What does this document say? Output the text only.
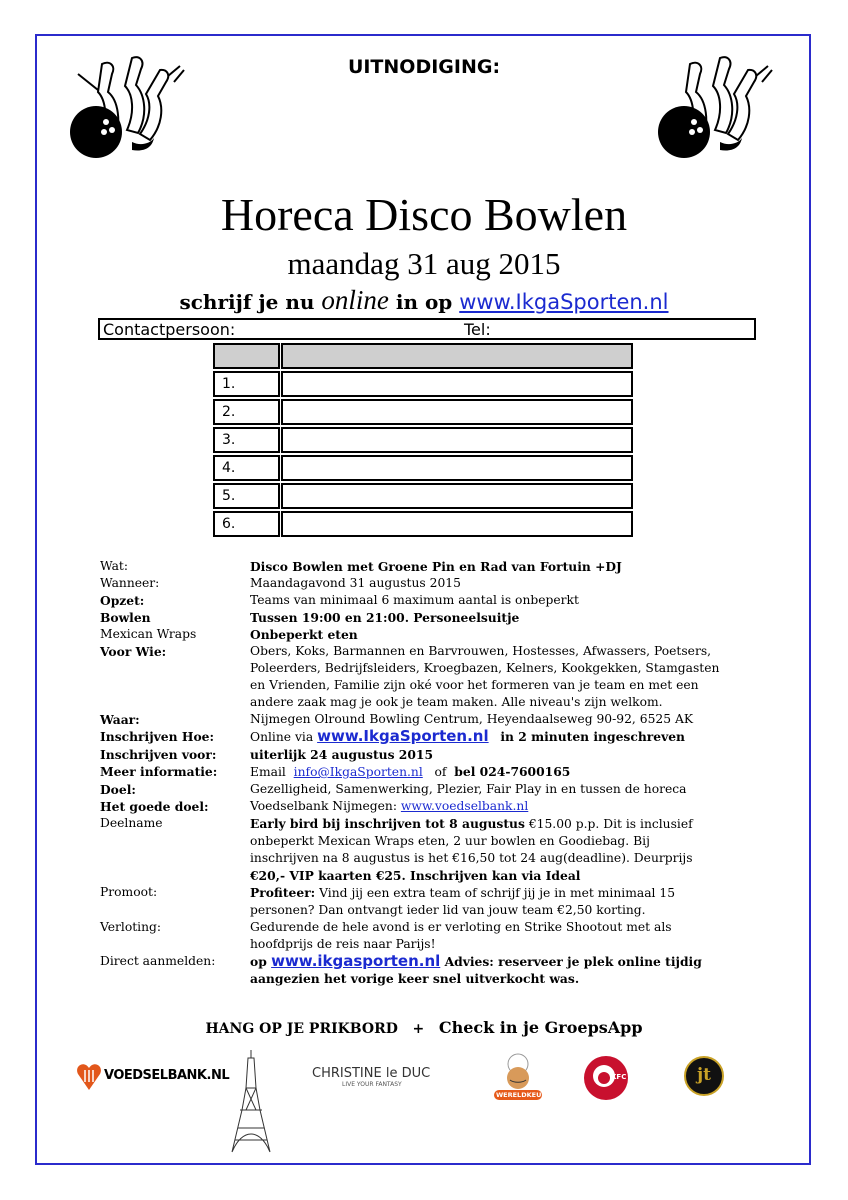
UITNODIGING:
Horeca Disco Bowlen
maandag 31 aug 2015
schrijf je nu online in op www.IkgaSporten.nl
Contactpersoon:	Tel:
1.
2.
3.
4.
5.
6.
Wat:	Disco Bowlen met Groene Pin en Rad van Fortuin +DJ
Wanneer:	Maandagavond 31 augustus 2015
Opzet:	Teams van minimaal 6 maximum aantal is onbeperkt
Bowlen	Tussen 19:00 en 21:00. Personeelsuitje
Mexican Wraps	Onbeperkt eten
Voor Wie:	Obers, Koks, Barmannen en Barvrouwen, Hostesses, Afwassers, Poetsers,
Poleerders, Bedrijfsleiders, Kroegbazen, Kelners, Kookgekken, Stamgasten
en Vrienden, Familie zijn oké voor het formeren van je team en met een
andere zaak mag je ook je team maken. Alle niveau's zijn welkom.
Waar:	Nijmegen Olround Bowling Centrum, Heyendaalseweg 90-92, 6525 AK
Inschrijven Hoe:	Online via www.IkgaSporten.nl in 2 minuten ingeschreven
Inschrijven voor:	uiterlijk 24 augustus 2015
Meer informatie:	Email info@IkgaSporten.nl of bel 024-7600165
Doel:	Gezelligheid, Samenwerking, Plezier, Fair Play in en tussen de horeca
Het goede doel:	Voedselbank Nijmegen: www.voedselbank.nl
Deelname	Early bird bij inschrijven tot 8 augustus €15.00 p.p. Dit is inclusief
onbeperkt Mexican Wraps eten, 2 uur bowlen en Goodiebag. Bij
inschrijven na 8 augustus is het €16,50 tot 24 aug(deadline). Deurprijs
€20,- VIP kaarten €25. Inschrijven kan via Ideal
Promoot:	Profiteer: Vind jij een extra team of schrijf jij je in met minimaal 15
personen? Dan ontvangt ieder lid van jouw team €2,50 korting.
Verloting:	Gedurende de hele avond is er verloting en Strike Shootout met als
hoofdprijs de reis naar Parijs!
Direct aanmelden:	op www.ikgasporten.nl Advies: reserveer je plek online tijdig
aangezien het vorige keer snel uitverkocht was.
HANG OP JE PRIKBORD + Check in je GroepsApp
VOEDSELBANK.NL	CHRISTINE le DUC
LIVE YOUR FANTASY
WERELDKEUKEN
KFC	jt
